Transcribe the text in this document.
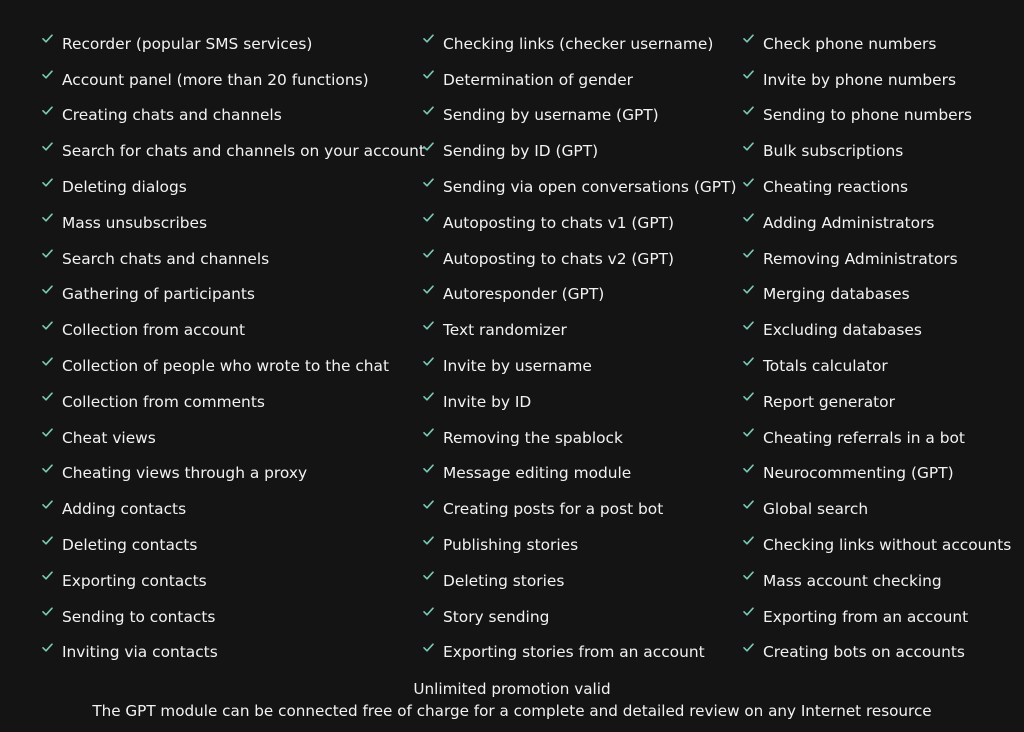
Recorder (popular SMS services)
Account panel (more than 20 functions)
Creating chats and channels
Search for chats and channels on your account
Deleting dialogs
Mass unsubscribes
Search chats and channels
Gathering of participants
Collection from account
Collection of people who wrote to the chat
Collection from comments
Cheat views
Cheating views through a proxy
Adding contacts
Deleting contacts
Exporting contacts
Sending to contacts
Inviting via contacts
Checking links (checker username)
Determination of gender
Sending by username (GPT)
Sending by ID (GPT)
Sending via open conversations (GPT)
Autoposting to chats v1 (GPT)
Autoposting to chats v2 (GPT)
Autoresponder (GPT)
Text randomizer
Invite by username
Invite by ID
Removing the spablock
Message editing module
Creating posts for a post bot
Publishing stories
Deleting stories
Story sending
Exporting stories from an account
Check phone numbers
Invite by phone numbers
Sending to phone numbers
Bulk subscriptions
Cheating reactions
Adding Administrators
Removing Administrators
Merging databases
Excluding databases
Totals calculator
Report generator
Cheating referrals in a bot
Neurocommenting (GPT)
Global search
Checking links without accounts
Mass account checking
Exporting from an account
Creating bots on accounts
Unlimited promotion valid
The GPT module can be connected free of charge for a complete and detailed review on any Internet resource
